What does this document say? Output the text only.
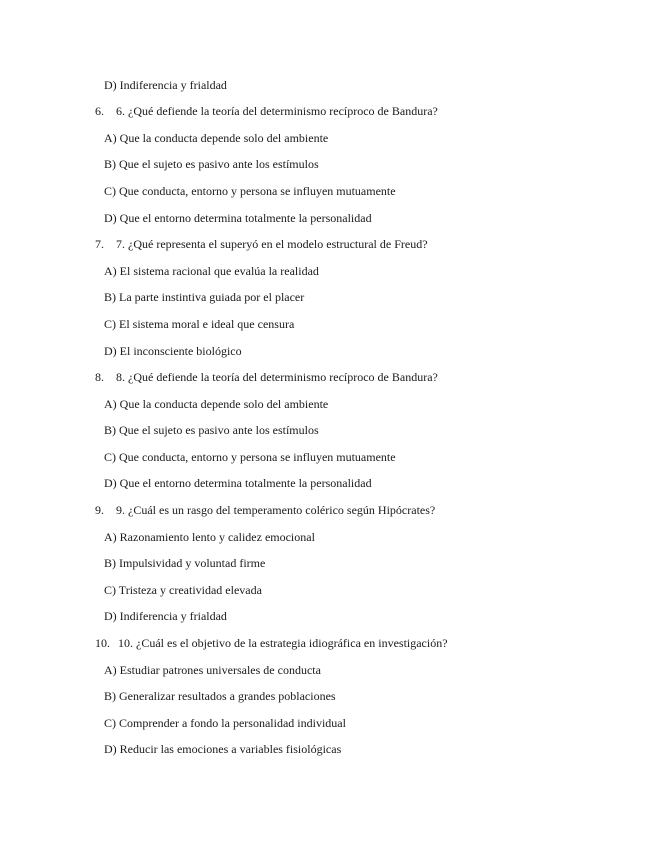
D) Indiferencia y frialdad
6. 6. ¿Qué defiende la teoría del determinismo recíproco de Bandura?
A) Que la conducta depende solo del ambiente
B) Que el sujeto es pasivo ante los estímulos
C) Que conducta, entorno y persona se influyen mutuamente
D) Que el entorno determina totalmente la personalidad
7. 7. ¿Qué representa el superyó en el modelo estructural de Freud?
A) El sistema racional que evalúa la realidad
B) La parte instintiva guiada por el placer
C) El sistema moral e ideal que censura
D) El inconsciente biológico
8. 8. ¿Qué defiende la teoría del determinismo recíproco de Bandura?
A) Que la conducta depende solo del ambiente
B) Que el sujeto es pasivo ante los estímulos
C) Que conducta, entorno y persona se influyen mutuamente
D) Que el entorno determina totalmente la personalidad
9. 9. ¿Cuál es un rasgo del temperamento colérico según Hipócrates?
A) Razonamiento lento y calidez emocional
B) Impulsividad y voluntad firme
C) Tristeza y creatividad elevada
D) Indiferencia y frialdad
10. 10. ¿Cuál es el objetivo de la estrategia idiográfica en investigación?
A) Estudiar patrones universales de conducta
B) Generalizar resultados a grandes poblaciones
C) Comprender a fondo la personalidad individual
D) Reducir las emociones a variables fisiológicas
